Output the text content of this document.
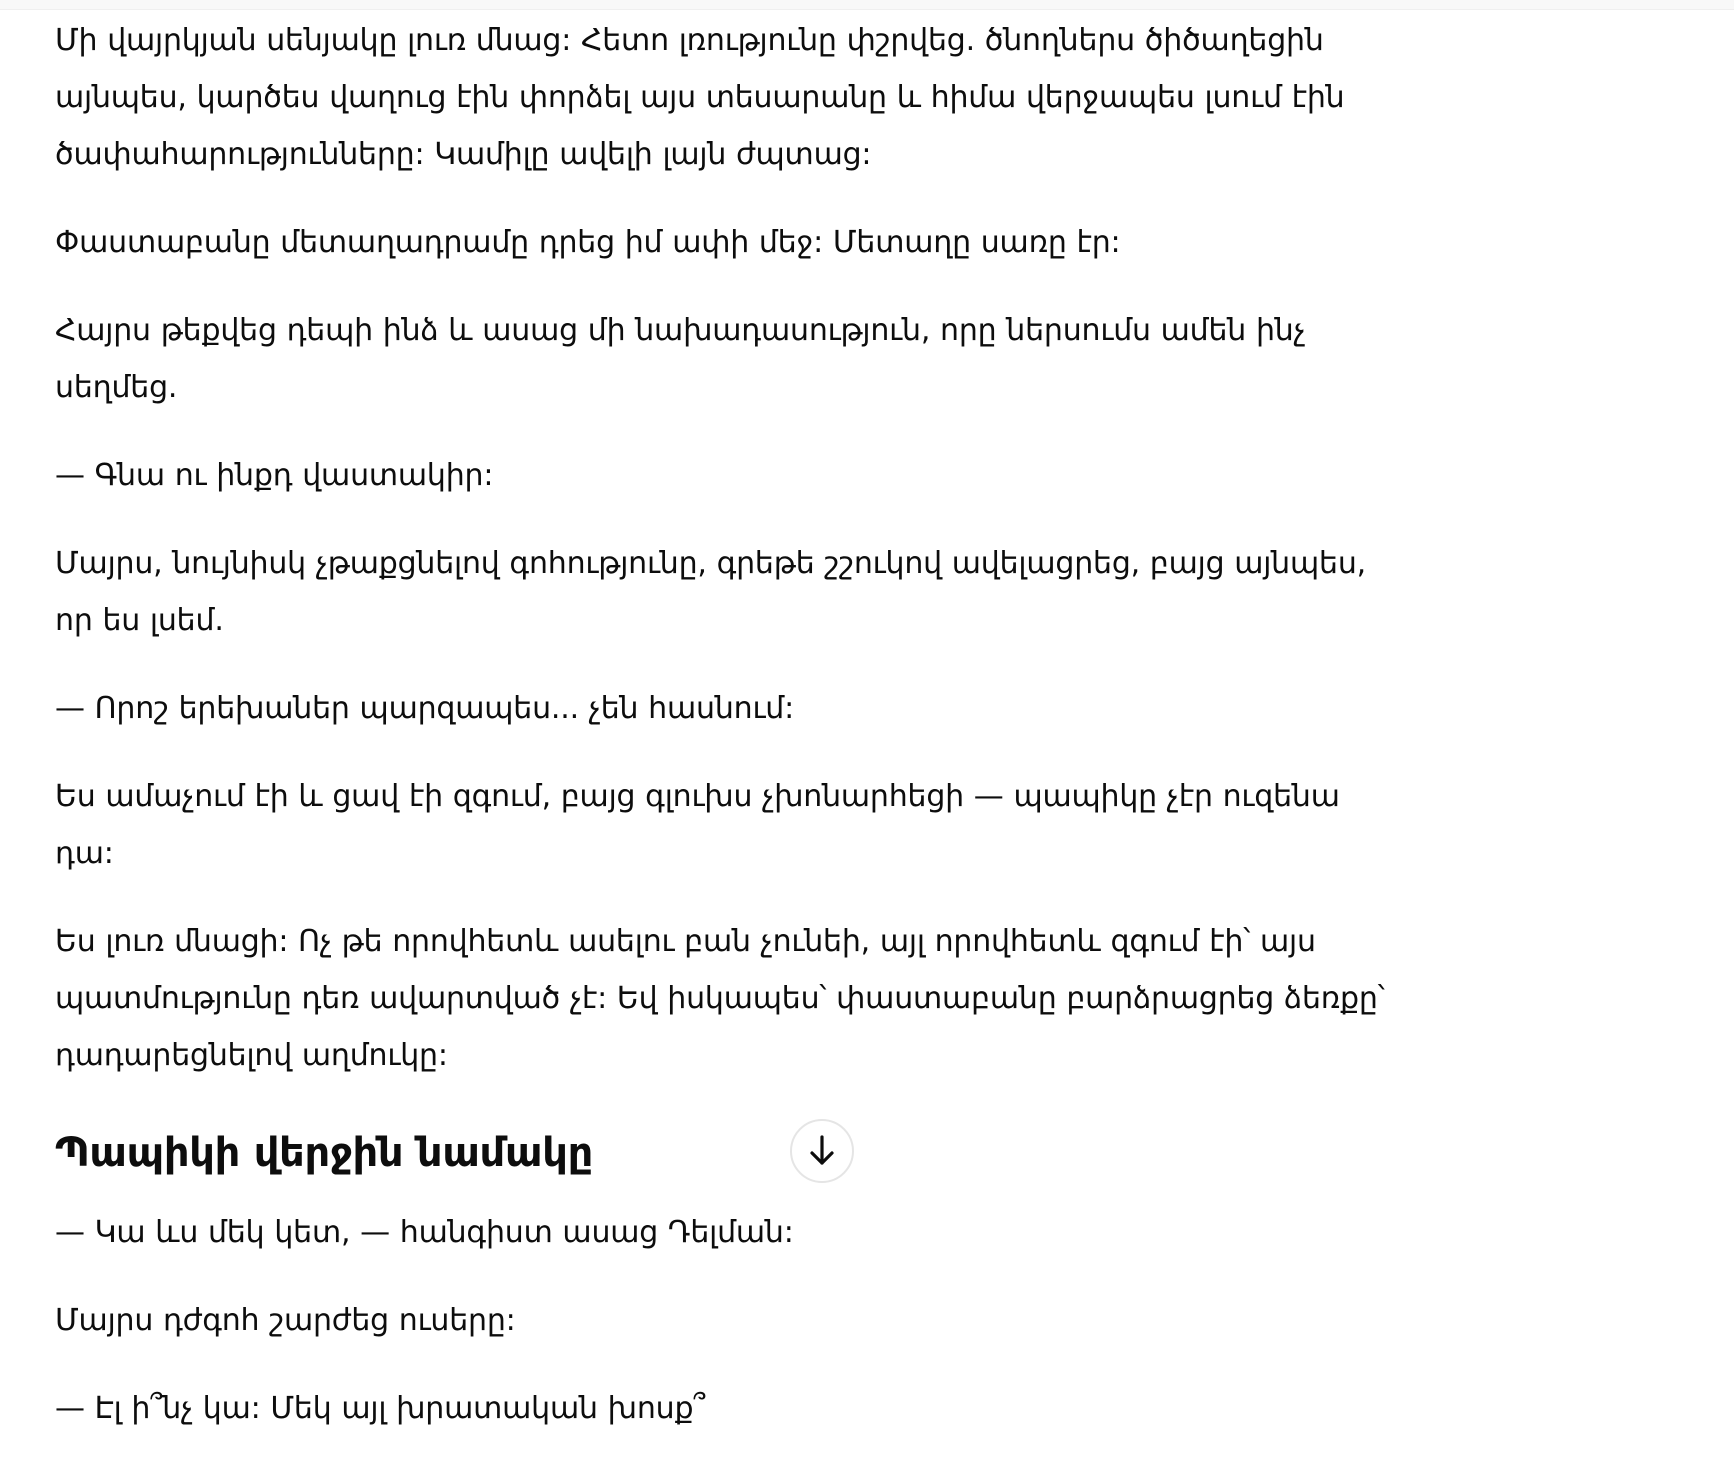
Մի վայրկյան սենյակը լուռ մնաց: Հետո լռությունը փշրվեց. ծնողներս ծիծաղեցին այնպես, կարծես վաղուց էին փորձել այս տեսարանը և հիմա վերջապես լսում էին ծափահարությունները: Կամիլը ավելի լայն ժպտաց:

Փաստաբանը մետաղադրամը դրեց իմ ափի մեջ: Մետաղը սառը էր:

Հայրս թեքվեց դեպի ինձ և ասաց մի նախադասություն, որը ներսումս ամեն ինչ սեղմեց.

— Գնա ու ինքդ վաստակիր:

Մայրս, նույնիսկ չթաքցնելով գոհությունը, գրեթե շշուկով ավելացրեց, բայց այնպես, որ ես լսեմ.

— Որոշ երեխաներ պարզապես... չեն հասնում:

Ես ամաչում էի և ցավ էի զգում, բայց գլուխս չխոնարհեցի — պապիկը չէր ուզենա դա:

Ես լուռ մնացի: Ոչ թե որովհետև ասելու բան չունեի, այլ որովհետև զգում էի՝ այս պատմությունը դեռ ավարտված չէ: Եվ իսկապես՝ փաստաբանը բարձրացրեց ձեռքը՝ դադարեցնելով աղմուկը:

Պապիկի վերջին նամակը

— Կա ևս մեկ կետ, — հանգիստ ասաց Դելման:

Մայրս դժգոհ շարժեց ուսերը:

— Էլ ի՞նչ կա: Մեկ այլ խրատական խոսք՞
